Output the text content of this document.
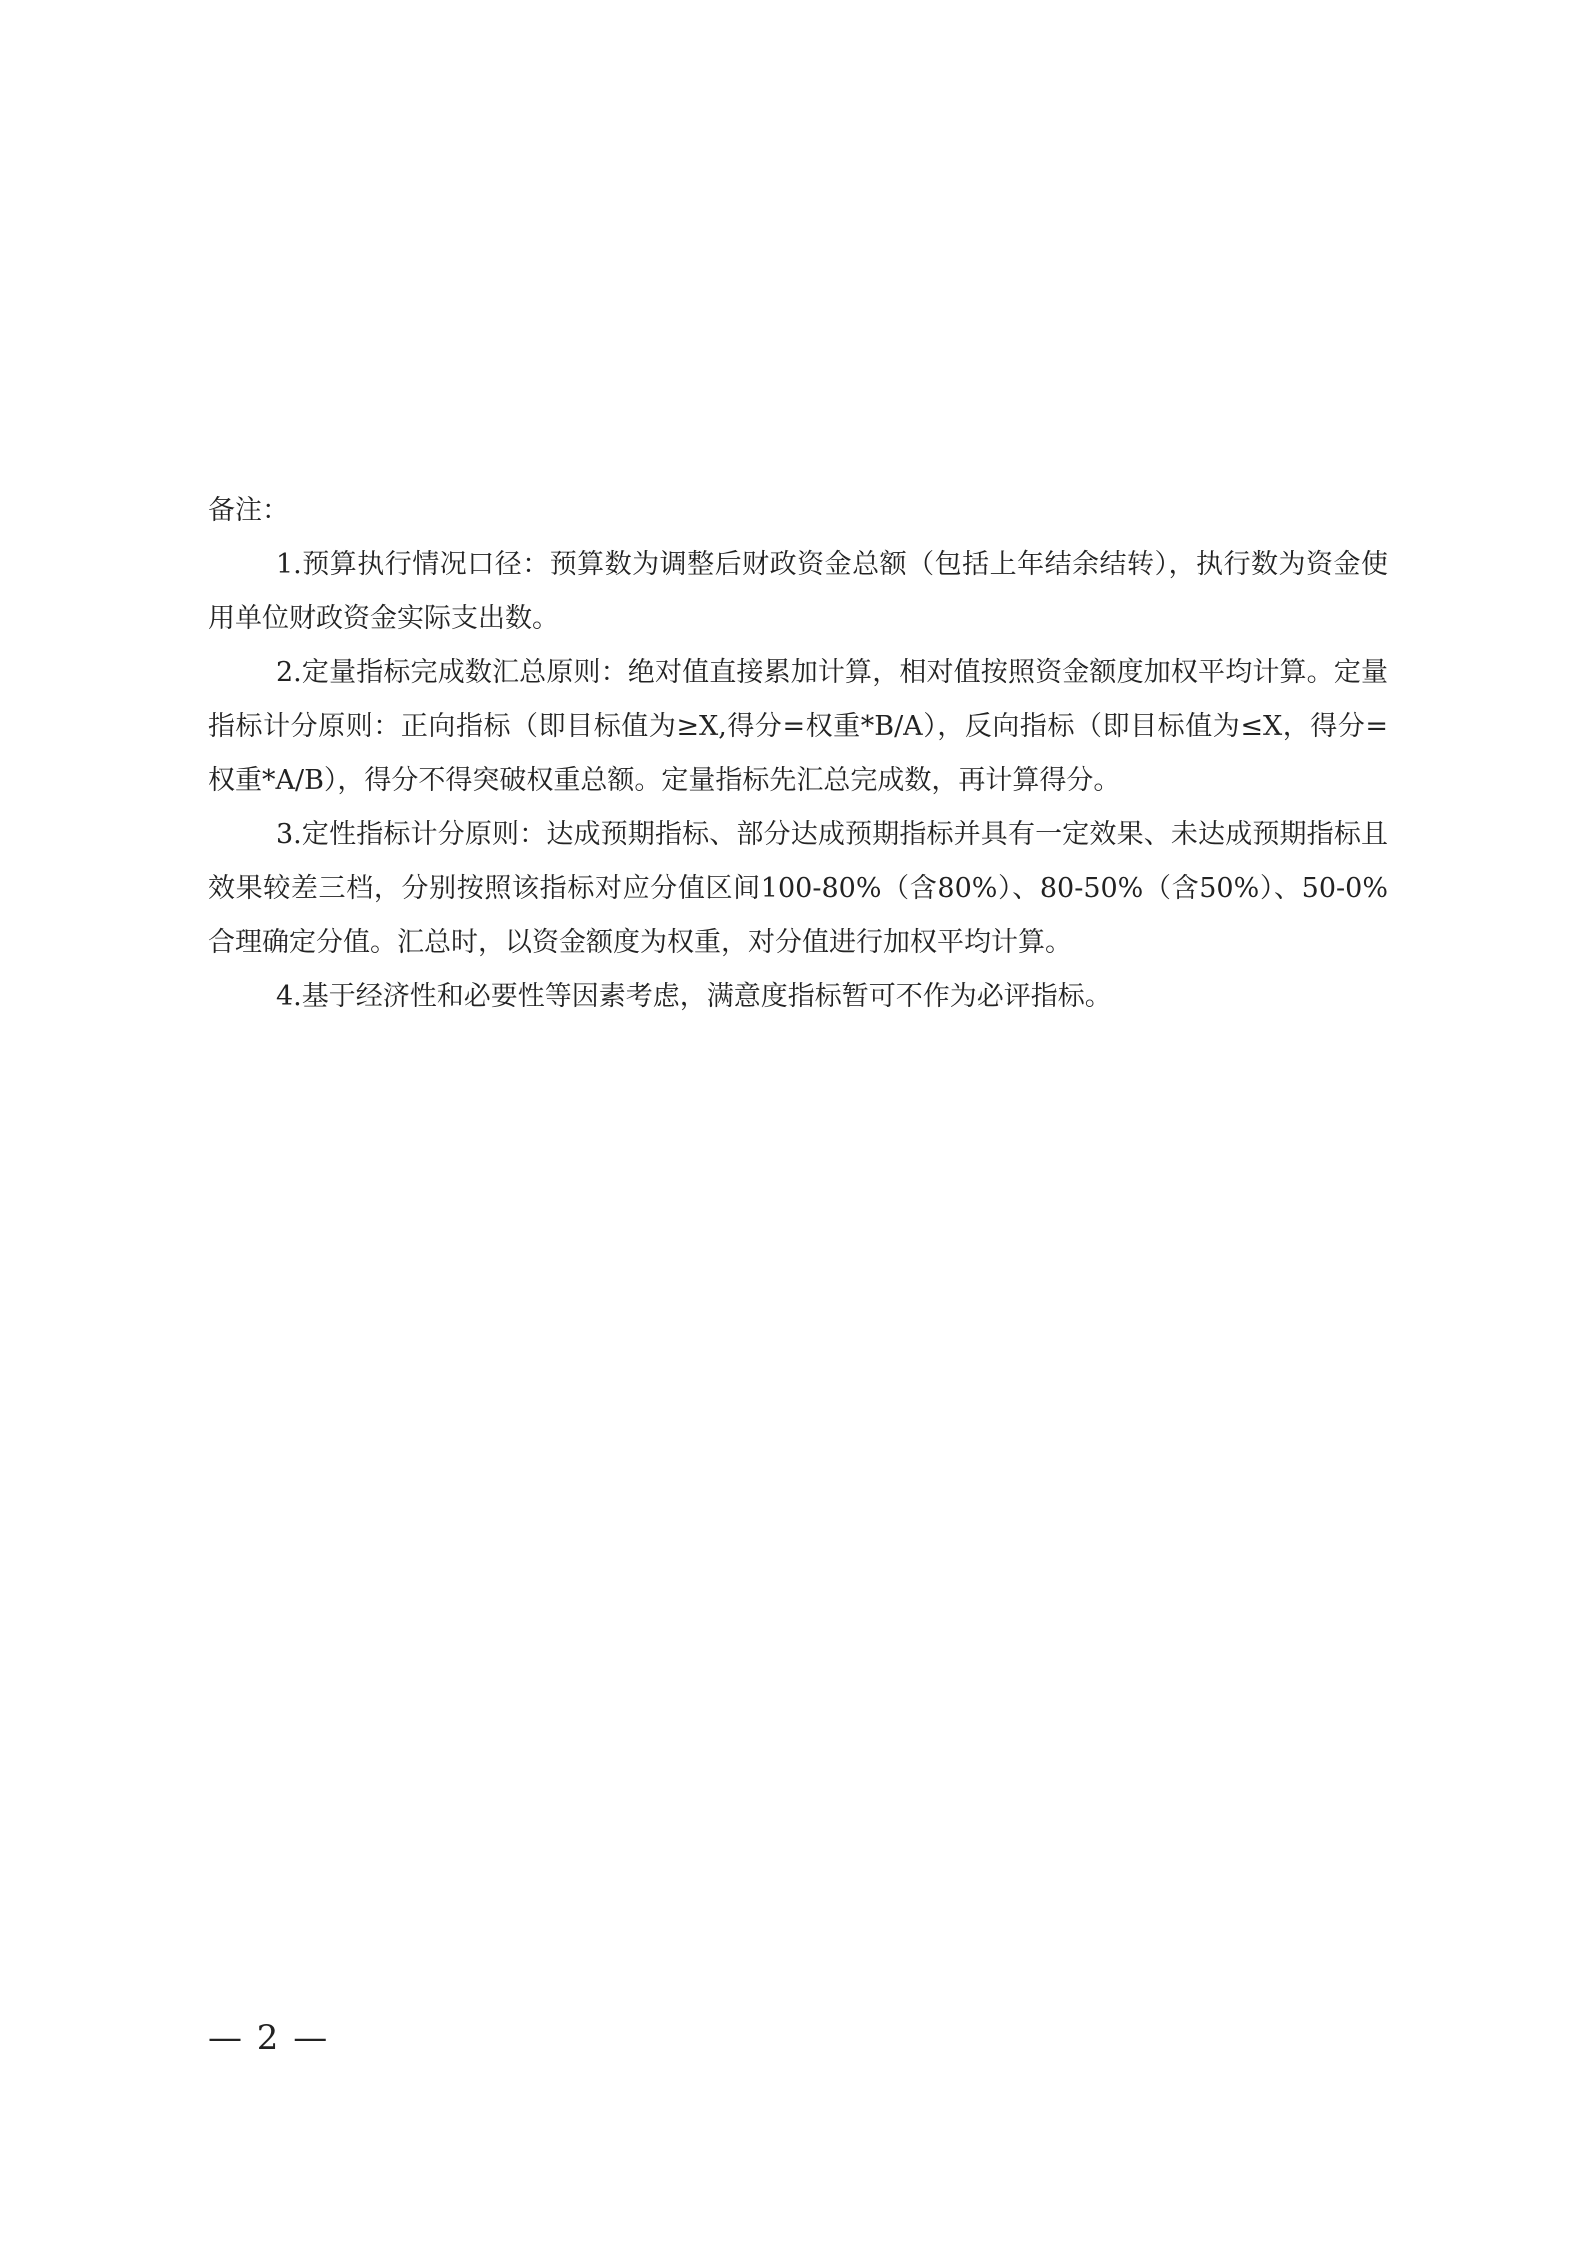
备注：

1.预算执行情况口径：预算数为调整后财政资金总额（包括上年结余结转），执行数为资金使用单位财政资金实际支出数。

2.定量指标完成数汇总原则：绝对值直接累加计算，相对值按照资金额度加权平均计算。定量指标计分原则：正向指标（即目标值为≥X,得分=权重*B/A），反向指标（即目标值为≤X，得分=权重*A/B），得分不得突破权重总额。定量指标先汇总完成数，再计算得分。

3.定性指标计分原则：达成预期指标、部分达成预期指标并具有一定效果、未达成预期指标且效果较差三档，分别按照该指标对应分值区间100-80%（含80%）、80-50%（含50%）、50-0%合理确定分值。汇总时，以资金额度为权重，对分值进行加权平均计算。

4.基于经济性和必要性等因素考虑，满意度指标暂可不作为必评指标。

— 2 —
